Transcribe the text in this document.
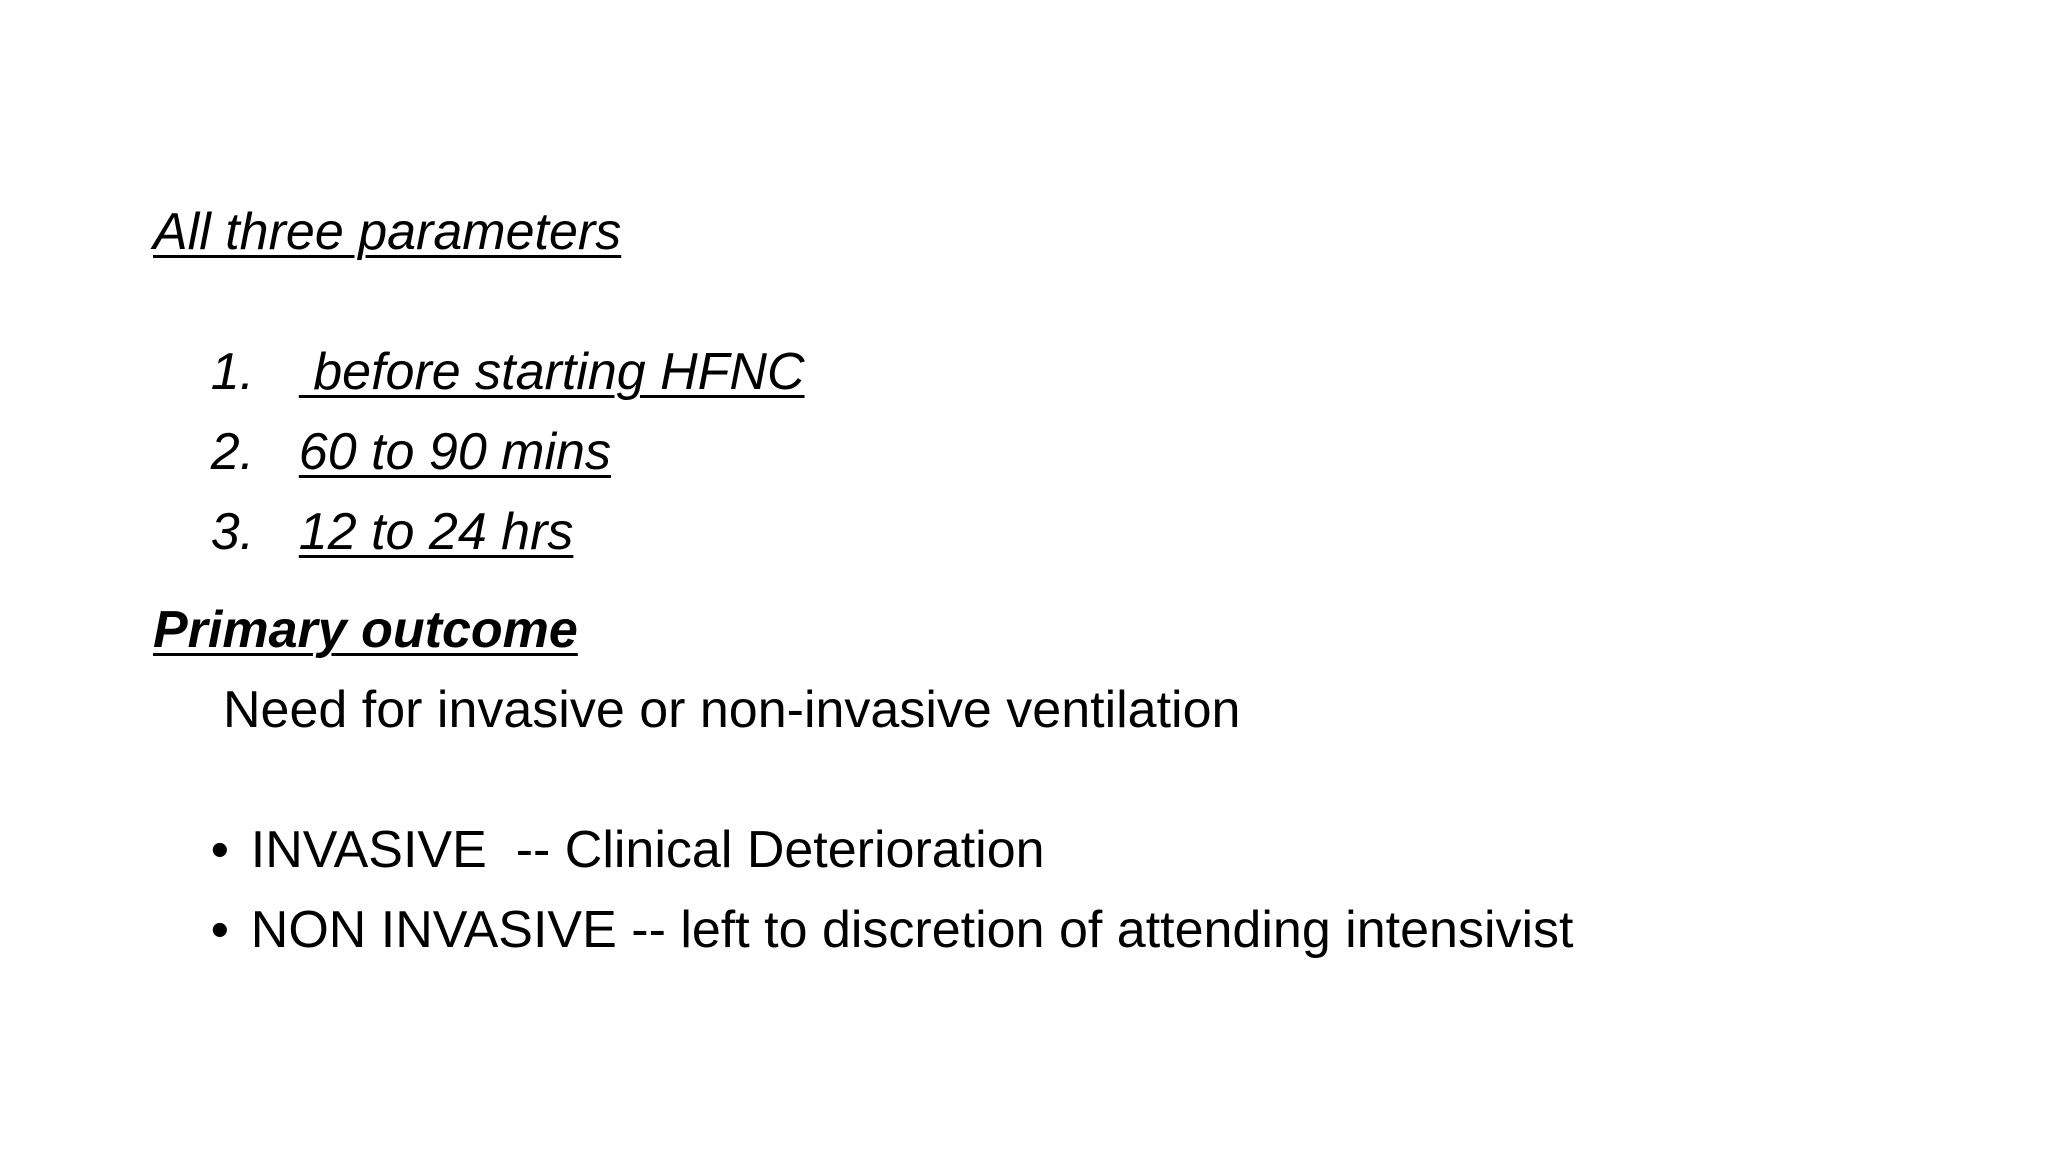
All three parameters

1. before starting HFNC

2. 60 to 90 mins

3. 12 to 24 hrs

Primary outcome
Need for invasive or non-invasive ventilation

• INVASIVE  -- Clinical Deterioration

• NON INVASIVE -- left to discretion of attending intensivist
